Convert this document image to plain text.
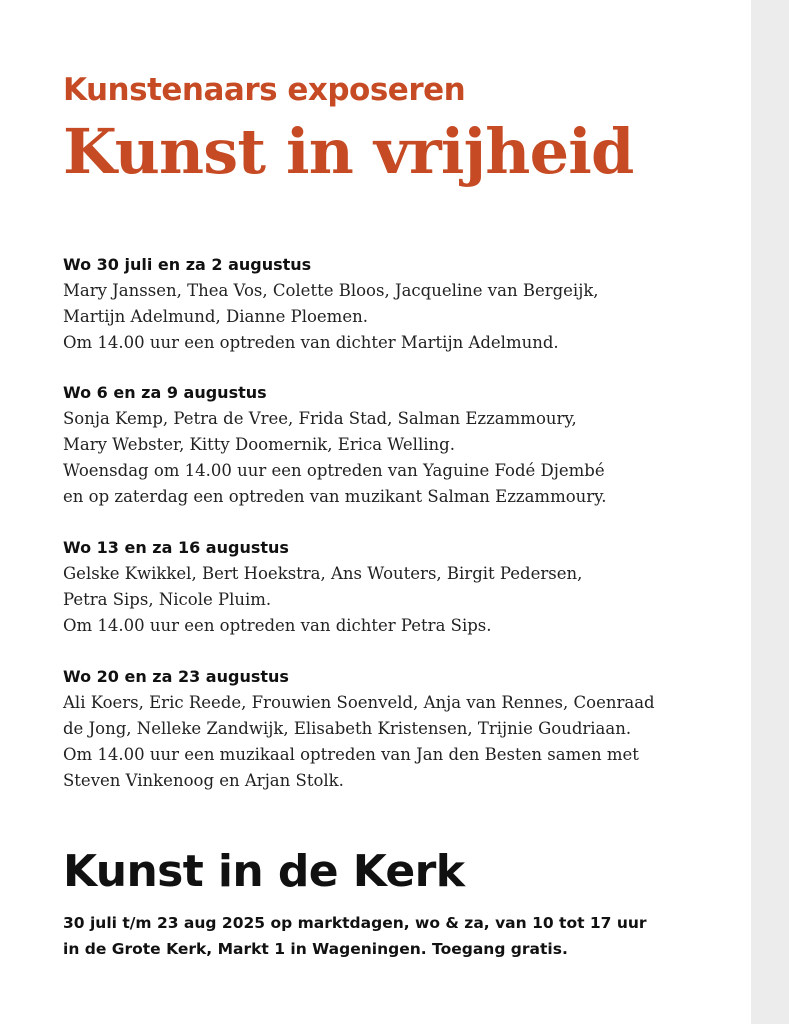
Kunstenaars exposeren
Kunst in vrijheid
Wo 30 juli en za 2 augustus
Mary Janssen, Thea Vos, Colette Bloos, Jacqueline van Bergeijk,
Martijn Adelmund, Dianne Ploemen.
Om 14.00 uur een optreden van dichter Martijn Adelmund.
Wo 6 en za 9 augustus
Sonja Kemp, Petra de Vree, Frida Stad, Salman Ezzammoury,
Mary Webster, Kitty Doomernik, Erica Welling.
Woensdag om 14.00 uur een optreden van Yaguine Fodé Djembé
en op zaterdag een optreden van muzikant Salman Ezzammoury.
Wo 13 en za 16 augustus
Gelske Kwikkel, Bert Hoekstra, Ans Wouters, Birgit Pedersen,
Petra Sips, Nicole Pluim.
Om 14.00 uur een optreden van dichter Petra Sips.
Wo 20 en za 23 augustus
Ali Koers, Eric Reede, Frouwien Soenveld, Anja van Rennes, Coenraad
de Jong, Nelleke Zandwijk, Elisabeth Kristensen, Trijnie Goudriaan.
Om 14.00 uur een muzikaal optreden van Jan den Besten samen met
Steven Vinkenoog en Arjan Stolk.
Kunst in de Kerk
30 juli t/m 23 aug 2025 op marktdagen, wo & za, van 10 tot 17 uur
in de Grote Kerk, Markt 1 in Wageningen. Toegang gratis.
